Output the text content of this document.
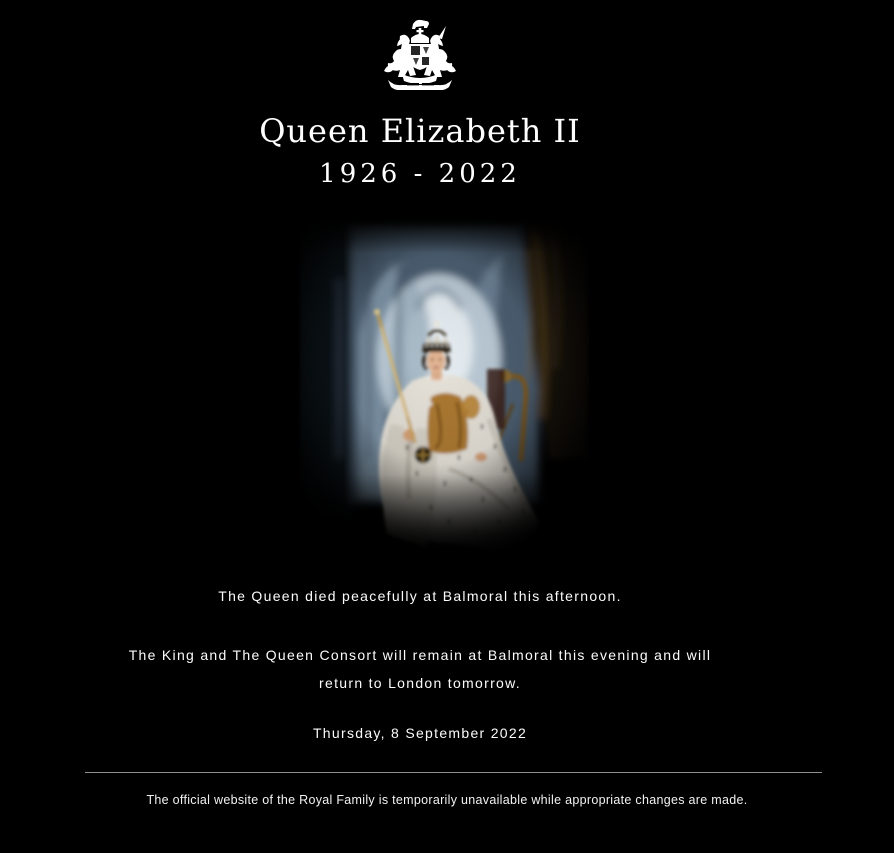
Queen Elizabeth II
1926 - 2022

The Queen died peacefully at Balmoral this afternoon.

The King and The Queen Consort will remain at Balmoral this evening and will return to London tomorrow.

Thursday, 8 September 2022

The official website of the Royal Family is temporarily unavailable while appropriate changes are made.
